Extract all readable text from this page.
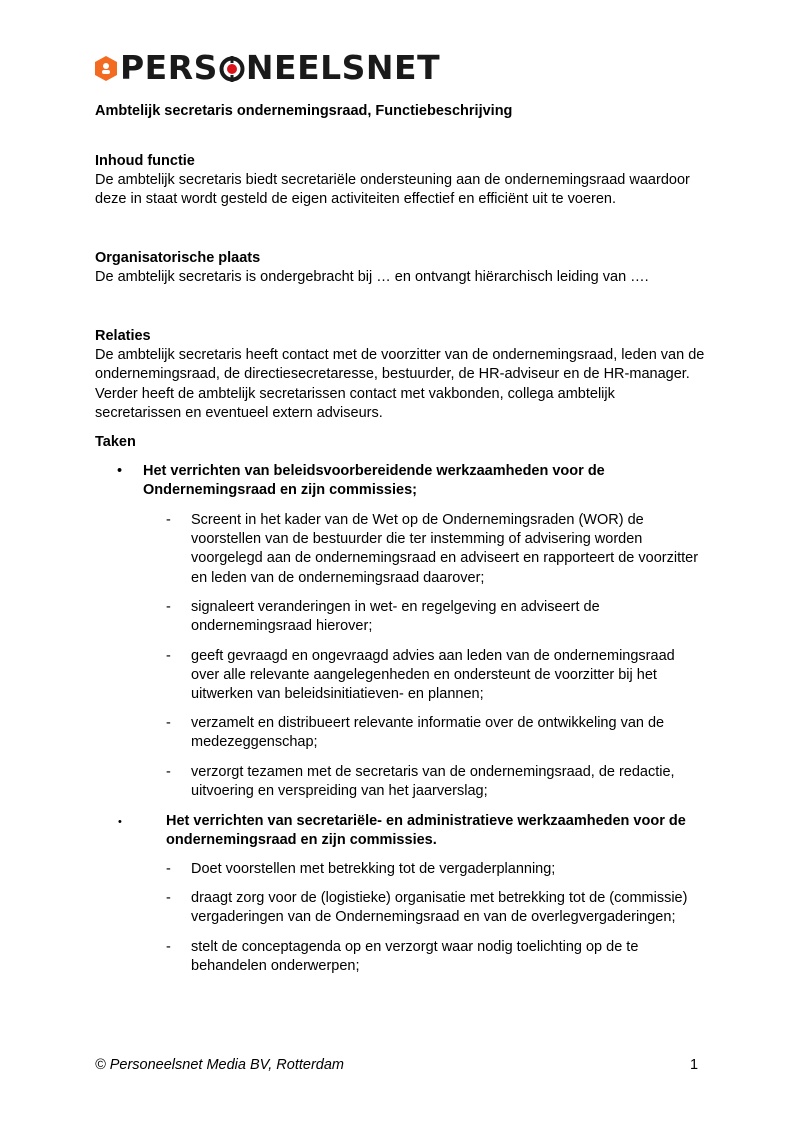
PERS NEELSNET
Ambtelijk secretaris ondernemingsraad, Functiebeschrijving
Inhoud functie

De ambtelijk secretaris biedt secretariële ondersteuning aan de ondernemingsraad waardoor deze in staat wordt gesteld de eigen activiteiten effectief en efficiënt uit te voeren.

Organisatorische plaats

De ambtelijk secretaris is ondergebracht bij … en ontvangt hiërarchisch leiding van ….

Relaties

De ambtelijk secretaris heeft contact met de voorzitter van de ondernemingsraad, leden van de ondernemingsraad, de directiesecretaresse, bestuurder, de HR-adviseur en de HR-manager. Verder heeft de ambtelijk secretarissen contact met vakbonden, collega ambtelijk secretarissen en eventueel extern adviseurs.

Taken
• Het verrichten van beleidsvoorbereidende werkzaamheden voor de Ondernemingsraad en zijn commissies;
- Screent in het kader van de Wet op de Ondernemingsraden (WOR) de voorstellen van de bestuurder die ter instemming of advisering worden voorgelegd aan de ondernemingsraad en adviseert en rapporteert de voorzitter en leden van de ondernemingsraad daarover;
- signaleert veranderingen in wet- en regelgeving en adviseert de ondernemingsraad hierover;
- geeft gevraagd en ongevraagd advies aan leden van de ondernemingsraad over alle relevante aangelegenheden en ondersteunt de voorzitter bij het uitwerken van beleidsinitiatieven- en plannen;
- verzamelt en distribueert relevante informatie over de ontwikkeling van de medezeggenschap;
- verzorgt tezamen met de secretaris van de ondernemingsraad, de redactie, uitvoering en verspreiding van het jaarverslag;
•	Het verrichten van secretariële- en administratieve werkzaamheden voor de ondernemingsraad en zijn commissies.
- Doet voorstellen met betrekking tot de vergaderplanning;
- draagt zorg voor de (logistieke) organisatie met betrekking tot de (commissie) vergaderingen van de Ondernemingsraad en van de overlegvergaderingen;
- stelt de conceptagenda op en verzorgt waar nodig toelichting op de te behandelen onderwerpen;
© Personeelsnet Media BV, Rotterdam	1
